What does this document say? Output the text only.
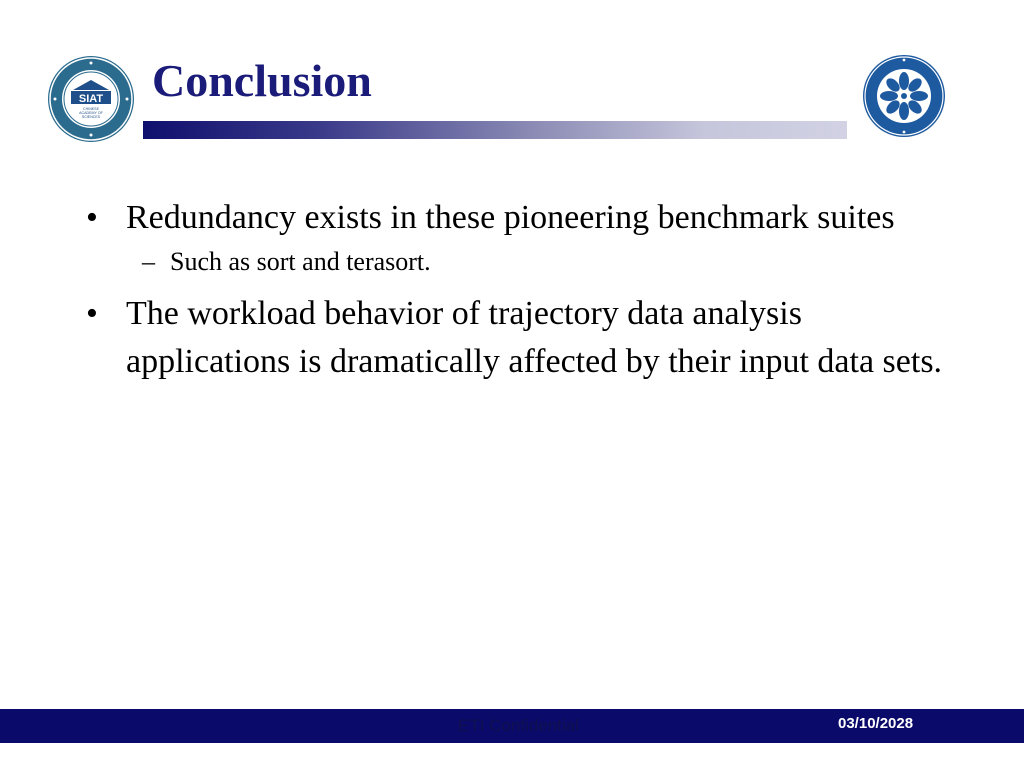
SIAT
CHINESE
ACADEMY OF
SCIENCES
Conclusion
• Redundancy exists in these pioneering benchmark suites
– Such as sort and terasort.
• The workload behavior of trajectory data analysis applications is dramatically affected by their input data sets.
ETI Confidential	03/10/2028
